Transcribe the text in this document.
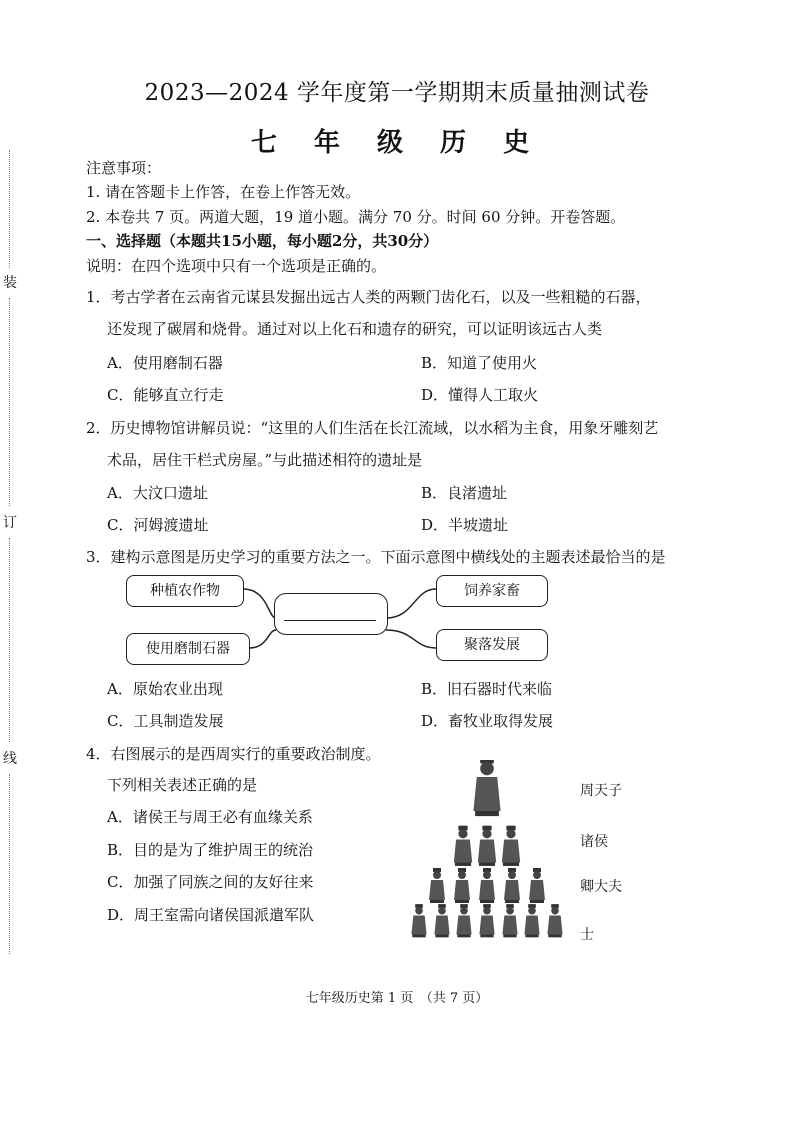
2023—2024 学年度第一学期期末质量抽测试卷
七 年 级 历 史
装
订
线
注意事项：
1. 请在答题卡上作答，在卷上作答无效。
2. 本卷共 7 页。两道大题，19 道小题。满分 70 分。时间 60 分钟。开卷答题。
一、选择题（本题共15小题，每小题2分，共30分）
说明：在四个选项中只有一个选项是正确的。
1．考古学者在云南省元谋县发掘出远古人类的两颗门齿化石，以及一些粗糙的石器，
还发现了碳屑和烧骨。通过对以上化石和遗存的研究，可以证明该远古人类
A．使用磨制石器	B．知道了使用火
C．能够直立行走	D．懂得人工取火
2．历史博物馆讲解员说：“这里的人们生活在长江流域，以水稻为主食，用象牙雕刻艺
术品，居住干栏式房屋。”与此描述相符的遗址是
A．大汶口遗址	B．良渚遗址
C．河姆渡遗址	D．半坡遗址
3．建构示意图是历史学习的重要方法之一。下面示意图中横线处的主题表述最恰当的是
种植农作物
使用磨制石器
饲养家畜
聚落发展
A．原始农业出现	B．旧石器时代来临
C．工具制造发展	D．畜牧业取得发展
4．右图展示的是西周实行的重要政治制度。
下列相关表述正确的是
A．诸侯王与周王必有血缘关系
B．目的是为了维护周王的统治
C．加强了同族之间的友好往来
D．周王室需向诸侯国派遣军队
周天子
诸侯
卿大夫
士
七年级历史第 1 页　（共 7 页）
